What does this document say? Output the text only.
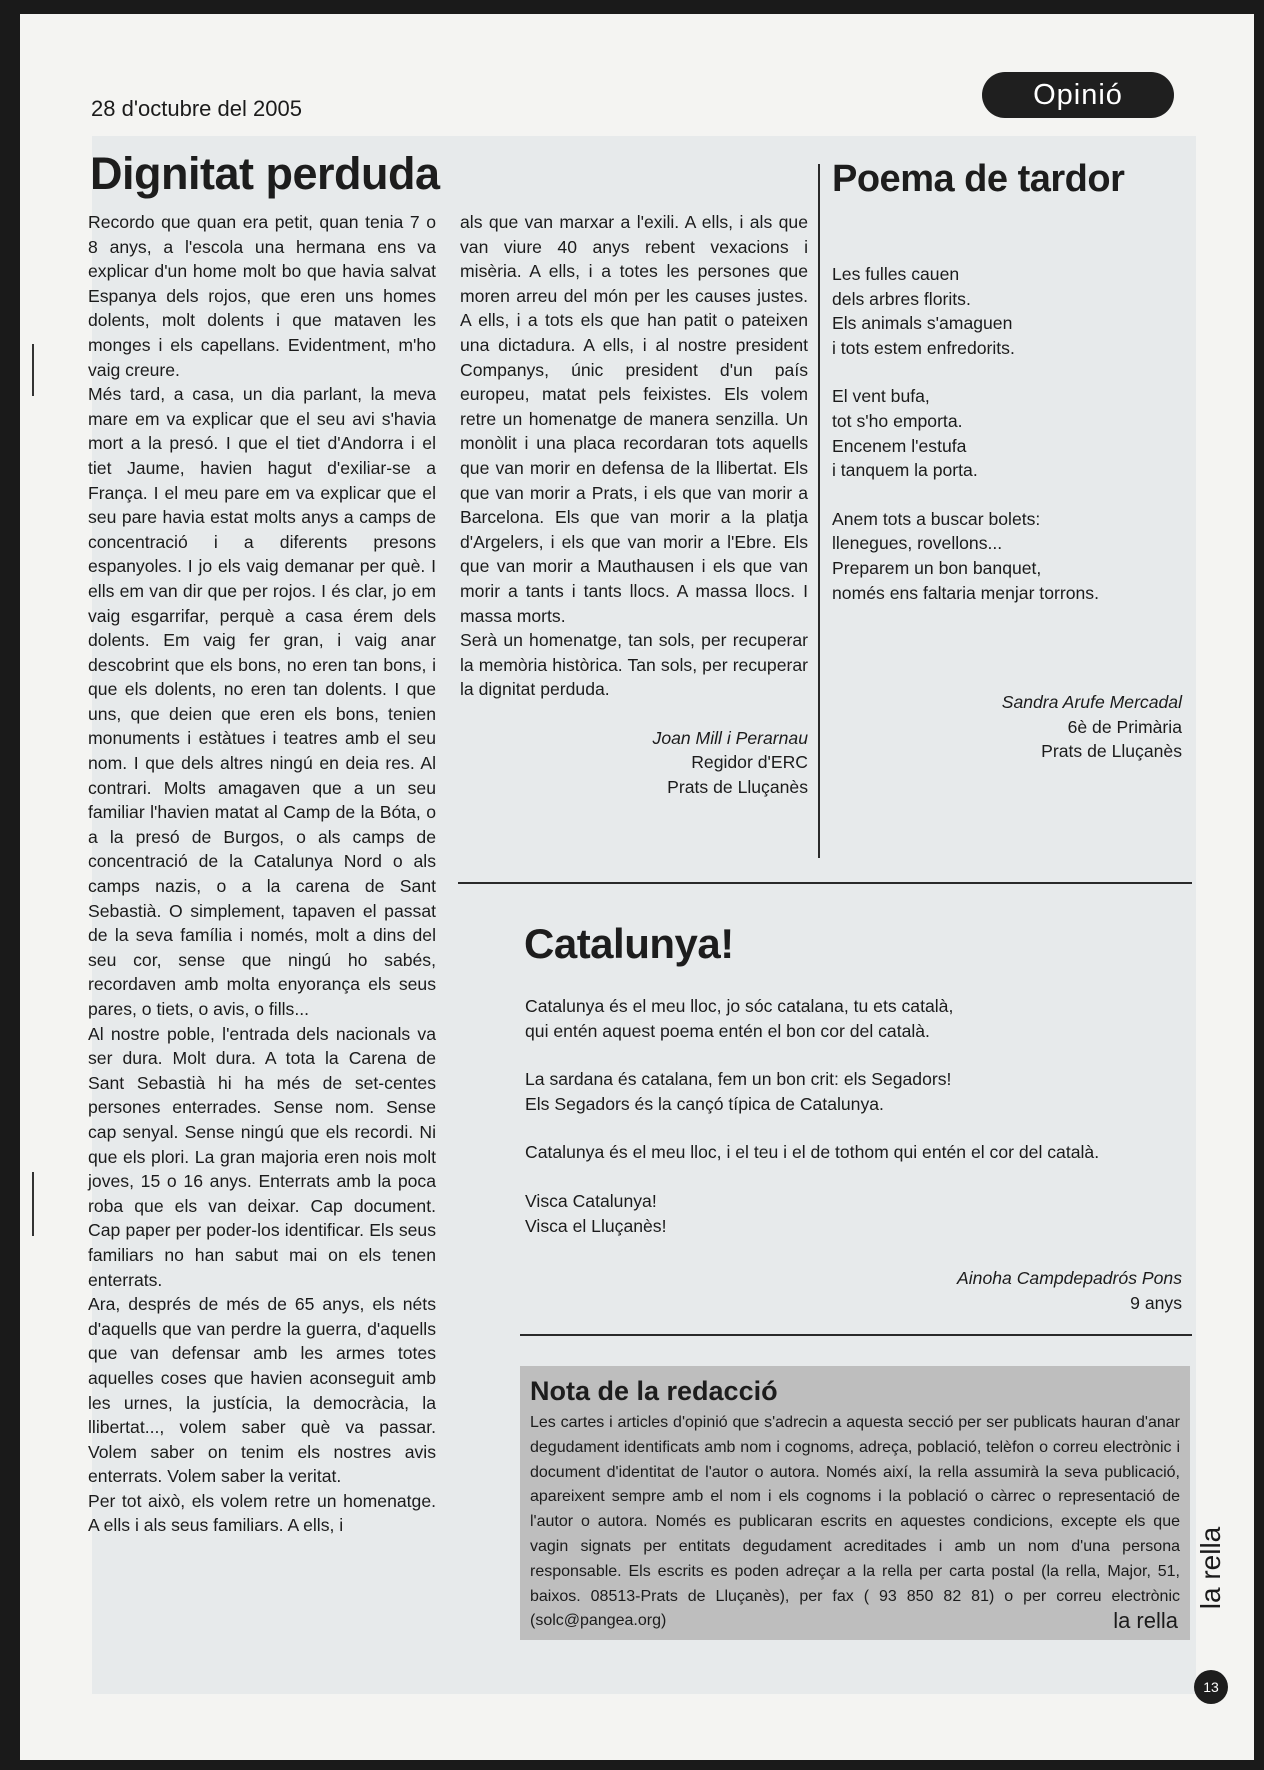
28 d'octubre del 2005	Opinió
Dignitat perduda

Recordo que quan era petit, quan tenia 7 o 8 anys, a l'escola una hermana ens va explicar d'un home molt bo que havia salvat Espanya dels rojos, que eren uns homes dolents, molt dolents i que mataven les monges i els capellans. Evidentment, m'ho vaig creure.

Més tard, a casa, un dia parlant, la meva mare em va explicar que el seu avi s'havia mort a la presó. I que el tiet d'Andorra i el tiet Jaume, havien hagut d'exiliar-se a França. I el meu pare em va explicar que el seu pare havia estat molts anys a camps de concentració i a diferents presons espanyoles. I jo els vaig demanar per què. I ells em van dir que per rojos. I és clar, jo em vaig esgarrifar, perquè a casa érem dels dolents. Em vaig fer gran, i vaig anar descobrint que els bons, no eren tan bons, i que els dolents, no eren tan dolents. I que uns, que deien que eren els bons, tenien monuments i estàtues i teatres amb el seu nom. I que dels altres ningú en deia res. Al contrari. Molts amagaven que a un seu familiar l'havien matat al Camp de la Bóta, o a la presó de Burgos, o als camps de concentració de la Catalunya Nord o als camps nazis, o a la carena de Sant Sebastià. O simplement, tapaven el passat de la seva família i només, molt a dins del seu cor, sense que ningú ho sabés, recordaven amb molta enyorança els seus pares, o tiets, o avis, o fills...

Al nostre poble, l'entrada dels nacionals va ser dura. Molt dura. A tota la Carena de Sant Sebastià hi ha més de set-centes persones enterrades. Sense nom. Sense cap senyal. Sense ningú que els recordi. Ni que els plori. La gran majoria eren nois molt joves, 15 o 16 anys. Enterrats amb la poca roba que els van deixar. Cap document. Cap paper per poder-los identificar. Els seus familiars no han sabut mai on els tenen enterrats.

Ara, després de més de 65 anys, els néts d'aquells que van perdre la guerra, d'aquells que van defensar amb les armes totes aquelles coses que havien aconseguit amb les urnes, la justícia, la democràcia, la llibertat..., volem saber què va passar. Volem saber on tenim els nostres avis enterrats. Volem saber la veritat.

Per tot això, els volem retre un homenatge. A ells i als seus familiars. A ells, i

als que van marxar a l'exili. A ells, i als que van viure 40 anys rebent vexacions i misèria. A ells, i a totes les persones que moren arreu del món per les causes justes. A ells, i a tots els que han patit o pateixen una dictadura. A ells, i al nostre president Companys, únic president d'un país europeu, matat pels feixistes. Els volem retre un homenatge de manera senzilla. Un monòlit i una placa recordaran tots aquells que van morir en defensa de la llibertat. Els que van morir a Prats, i els que van morir a Barcelona. Els que van morir a la platja d'Argelers, i els que van morir a l'Ebre. Els que van morir a Mauthausen i els que van morir a tants i tants llocs. A massa llocs. I massa morts.

Serà un homenatge, tan sols, per recuperar la memòria històrica. Tan sols, per recuperar la dignitat perduda.

Joan Mill i Perarnau
Regidor d'ERC
Prats de Lluçanès
Poema de tardor
Les fulles cauen
dels arbres florits.
Els animals s'amaguen
i tots estem enfredorits.
El vent bufa,
tot s'ho emporta.
Encenem l'estufa
i tanquem la porta.
Anem tots a buscar bolets:
llenegues, rovellons...
Preparem un bon banquet,
només ens faltaria menjar torrons.
Sandra Arufe Mercadal
6è de Primària
Prats de Lluçanès
Catalunya!
Catalunya és el meu lloc, jo sóc catalana, tu ets català,
qui entén aquest poema entén el bon cor del català.
La sardana és catalana, fem un bon crit: els Segadors!
Els Segadors és la cançó típica de Catalunya.
Catalunya és el meu lloc, i el teu i el de tothom qui entén el cor del català.
Visca Catalunya!
Visca el Lluçanès!
Ainoha Campdepadrós Pons
9 anys
Nota de la redacció
Les cartes i articles d'opinió que s'adrecin a aquesta secció per ser publicats hauran d'anar degudament identificats amb nom i cognoms, adreça, població, telèfon o correu electrònic i document d'identitat de l'autor o autora. Només així, la rella assumirà la seva publicació, apareixent sempre amb el nom i els cognoms i la població o càrrec o representació de l'autor o autora. Només es publicaran escrits en aquestes condicions, excepte els que vagin signats per entitats degudament acreditades i amb un nom d'una persona responsable. Els escrits es poden adreçar a la rella per carta postal (la rella, Major, 51, baixos. 08513-Prats de Lluçanès), per fax ( 93 850 82 81) o per correu electrònic (solc@pangea.org)	la rella
la rella
13
